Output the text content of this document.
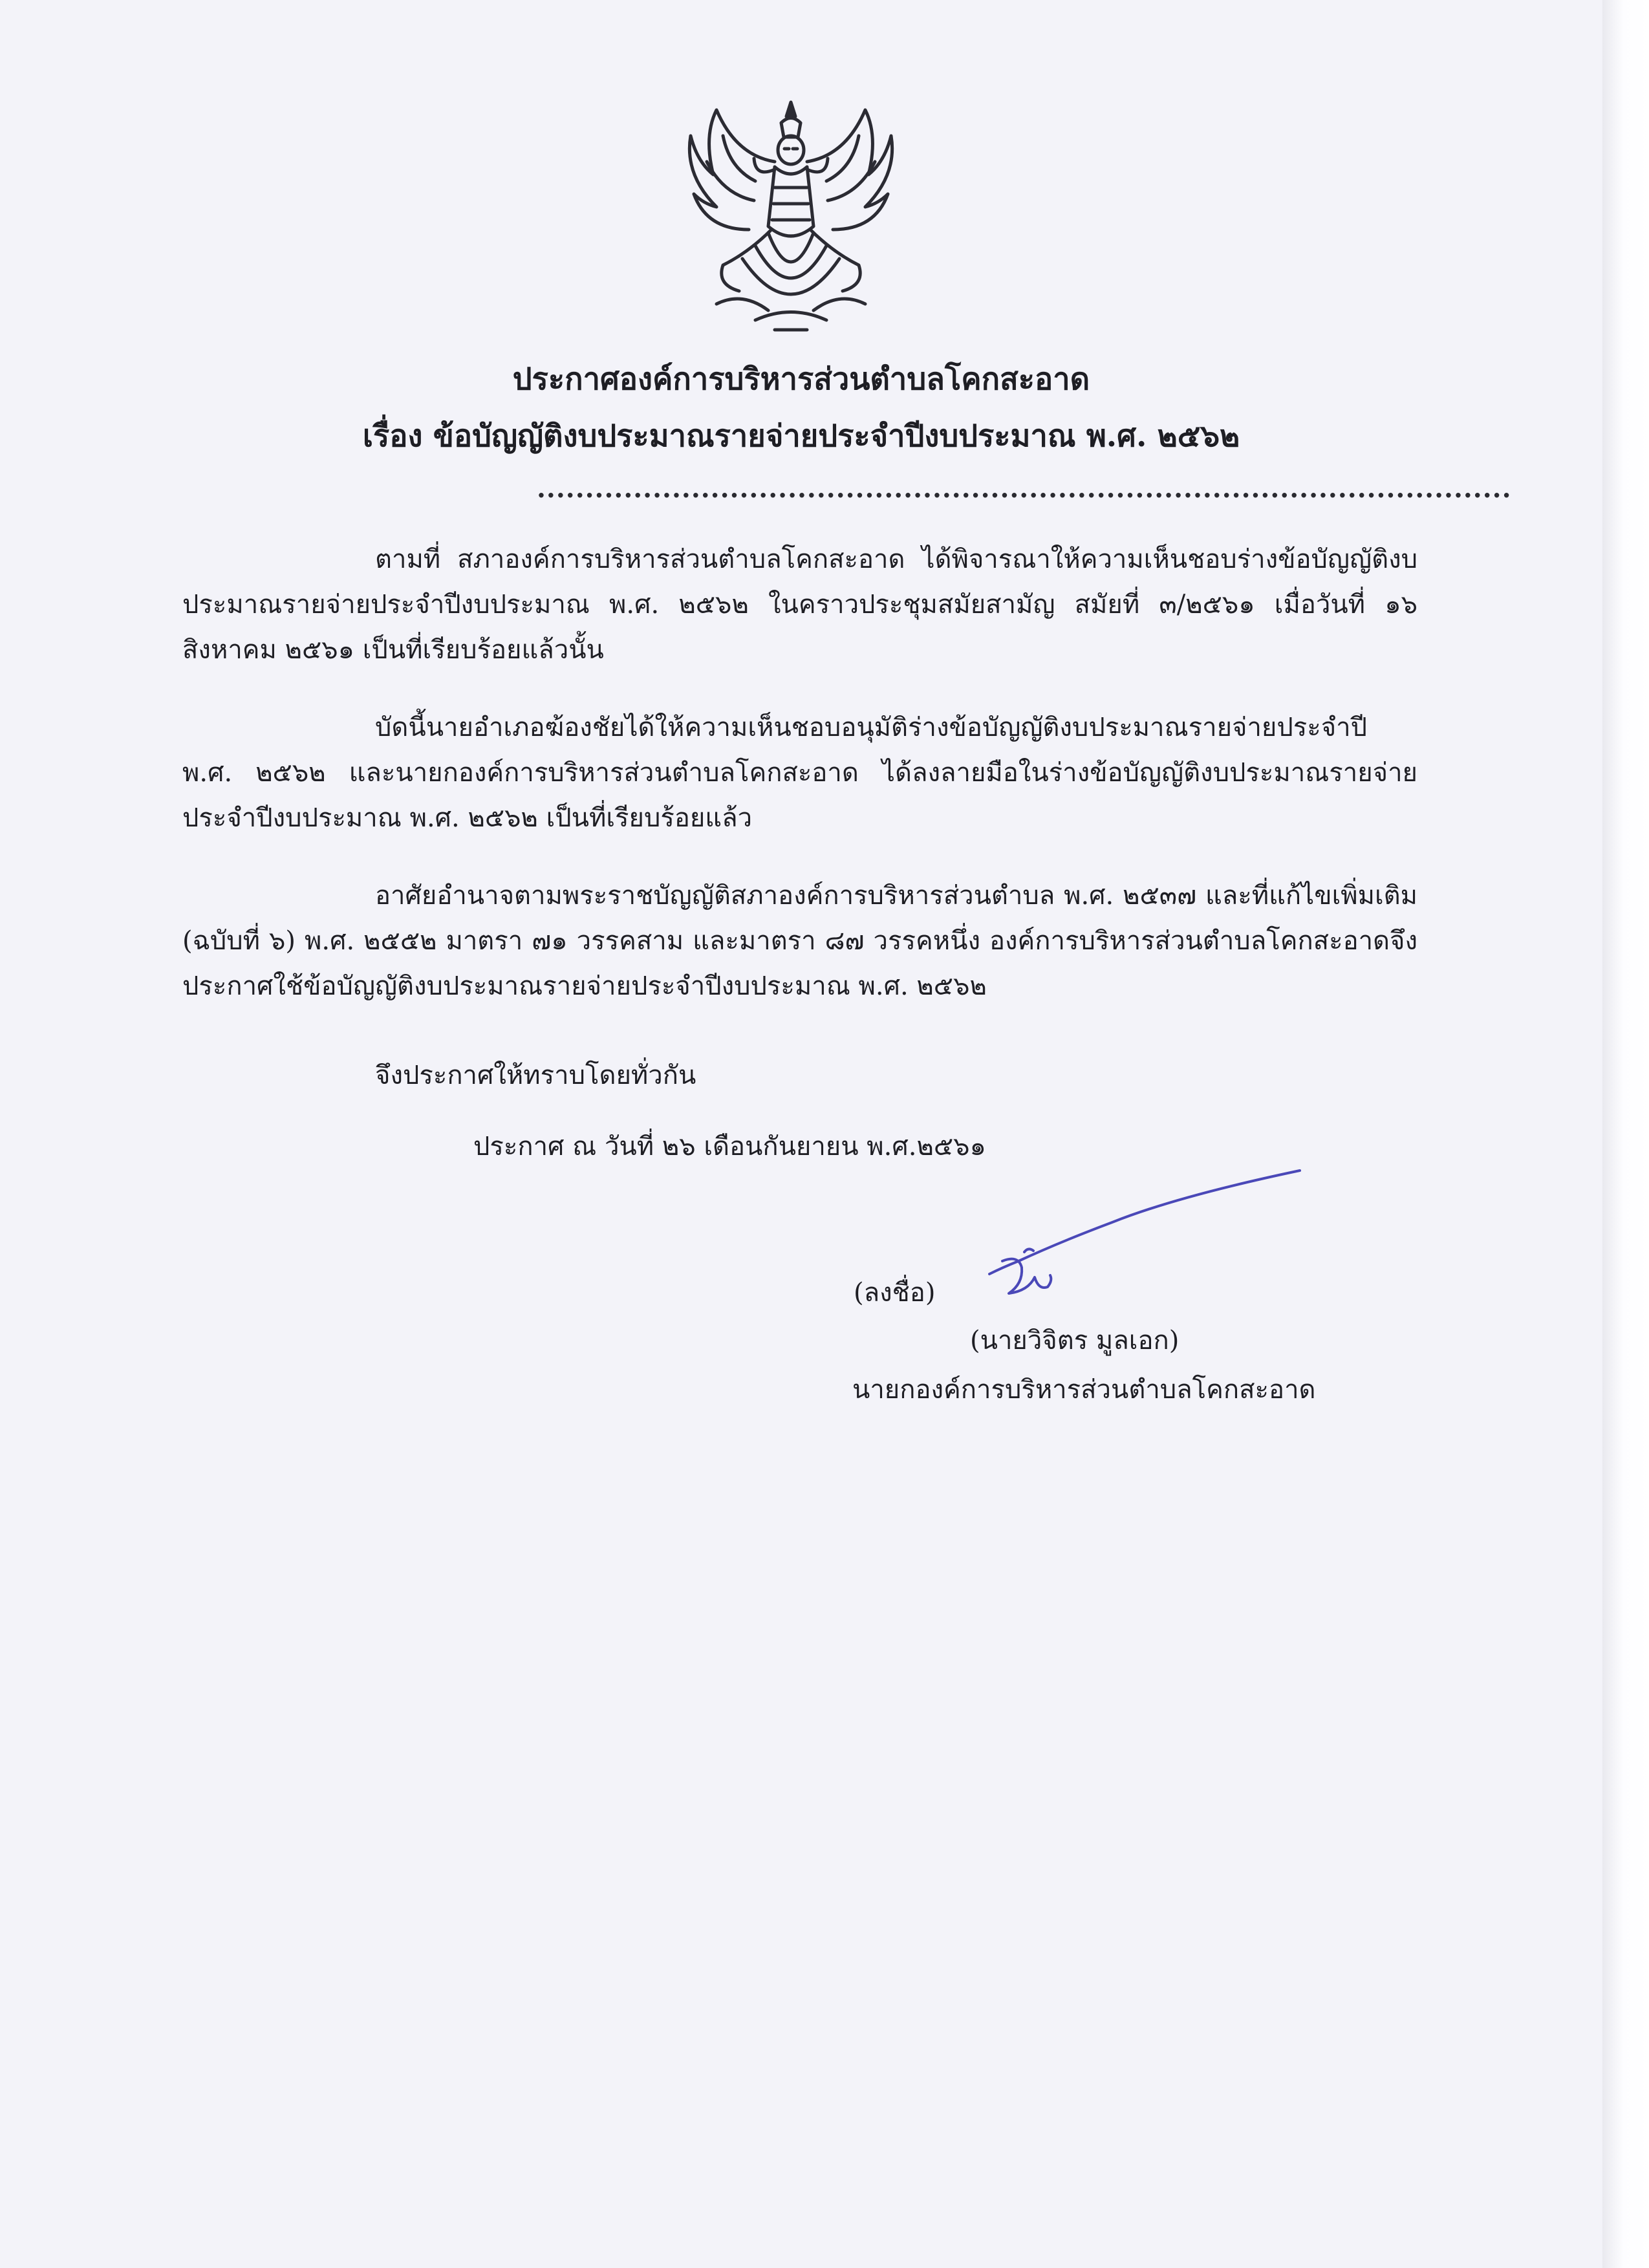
ประกาศองค์การบริหารส่วนตำบลโคกสะอาด
เรื่อง ข้อบัญญัติงบประมาณรายจ่ายประจำปีงบประมาณ พ.ศ. ๒๕๖๒
.....................................................................................................
ตามที่ สภาองค์การบริหารส่วนตำบลโคกสะอาด ได้พิจารณาให้ความเห็นชอบร่างข้อบัญญัติงบประมาณรายจ่ายประจำปีงบประมาณ พ.ศ. ๒๕๖๒ ในคราวประชุมสมัยสามัญ สมัยที่ ๓/๒๕๖๑ เมื่อวันที่ ๑๖ สิงหาคม ๒๕๖๑ เป็นที่เรียบร้อยแล้วนั้น
บัดนี้นายอำเภอฆ้องชัยได้ให้ความเห็นชอบอนุมัติร่างข้อบัญญัติงบประมาณรายจ่ายประจำปี พ.ศ. ๒๕๖๒ และนายกองค์การบริหารส่วนตำบลโคกสะอาด ได้ลงลายมือในร่างข้อบัญญัติงบประมาณรายจ่ายประจำปีงบประมาณ พ.ศ. ๒๕๖๒ เป็นที่เรียบร้อยแล้ว
อาศัยอำนาจตามพระราชบัญญัติสภาองค์การบริหารส่วนตำบล พ.ศ. ๒๕๓๗ และที่แก้ไขเพิ่มเติม (ฉบับที่ ๖) พ.ศ. ๒๕๕๒ มาตรา ๗๑ วรรคสาม และมาตรา ๘๗ วรรคหนึ่ง องค์การบริหารส่วนตำบลโคกสะอาดจึงประกาศใช้ข้อบัญญัติงบประมาณรายจ่ายประจำปีงบประมาณ พ.ศ. ๒๕๖๒
จึงประกาศให้ทราบโดยทั่วกัน
ประกาศ ณ วันที่ ๒๖ เดือนกันยายน พ.ศ.๒๕๖๑
(ลงชื่อ)
(นายวิจิตร มูลเอก)
นายกองค์การบริหารส่วนตำบลโคกสะอาด
